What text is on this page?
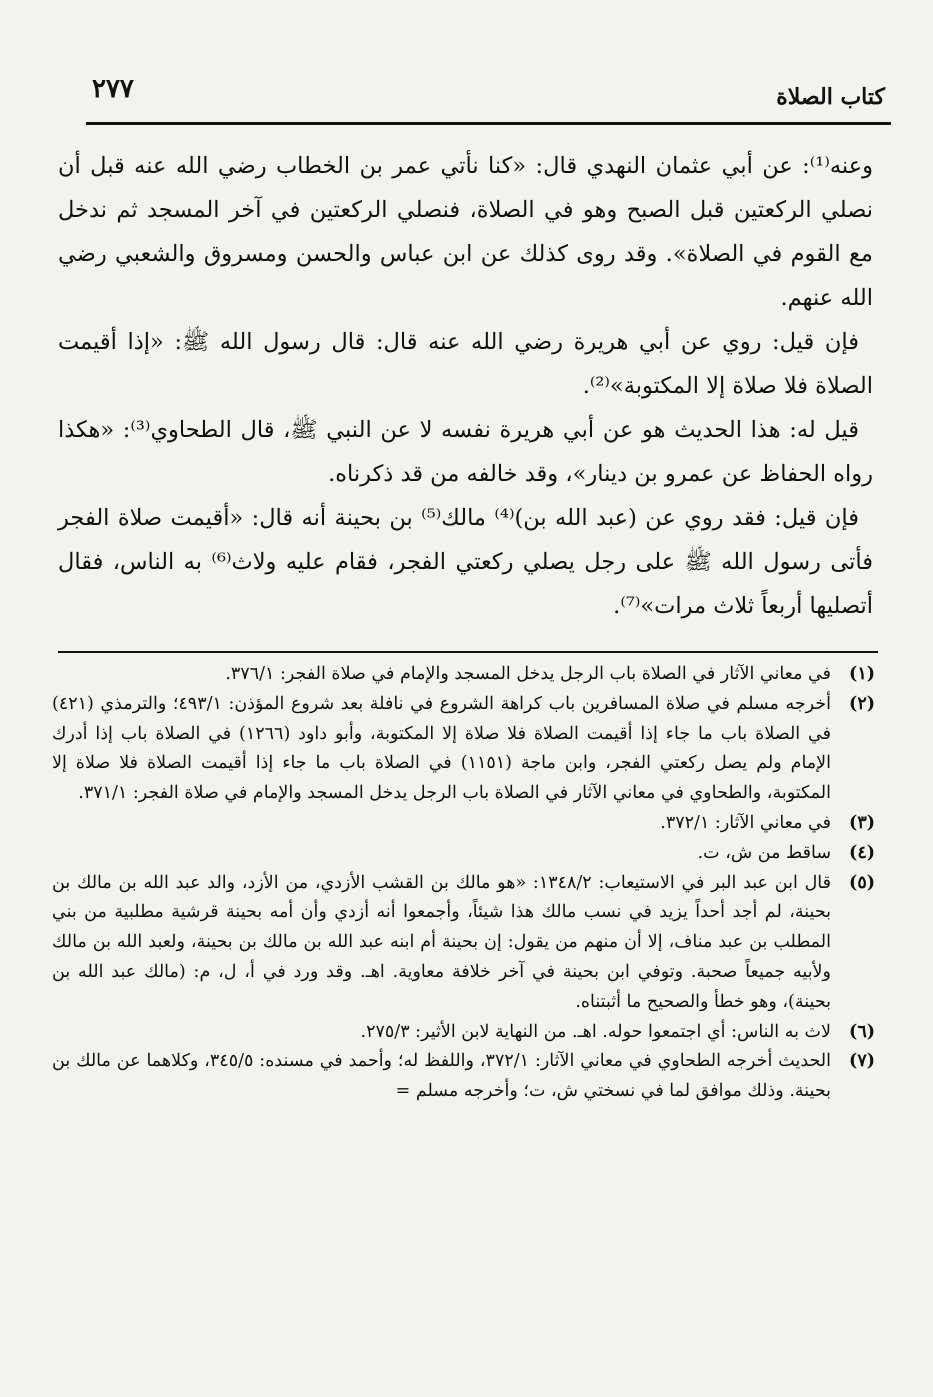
كتاب الصلاة
٢٧٧

وعنه⁽¹⁾: عن أبي عثمان النهدي قال: «كنا نأتي عمر بن الخطاب رضي الله عنه قبل أن نصلي الركعتين قبل الصبح وهو في الصلاة، فنصلي الركعتين في آخر المسجد ثم ندخل مع القوم في الصلاة». وقد روى كذلك عن ابن عباس والحسن ومسروق والشعبي رضي الله عنهم.

فإن قيل: روي عن أبي هريرة رضي الله عنه قال: قال رسول الله ﷺ: «إذا أقيمت الصلاة فلا صلاة إلا المكتوبة»⁽²⁾.

قيل له: هذا الحديث هو عن أبي هريرة نفسه لا عن النبي ﷺ، قال الطحاوي⁽³⁾: «هكذا رواه الحفاظ عن عمرو بن دينار»، وقد خالفه من قد ذكرناه.

فإن قيل: فقد روي عن (عبد الله بن)⁽⁴⁾ مالك⁽⁵⁾ بن بحينة أنه قال: «أقيمت صلاة الفجر فأتى رسول الله ﷺ على رجل يصلي ركعتي الفجر، فقام عليه ولاث⁽⁶⁾ به الناس، فقال أتصليها أربعاً ثلاث مرات»⁽⁷⁾.

(١)
في معاني الآثار في الصلاة باب الرجل يدخل المسجد والإمام في صلاة الفجر: ٣٧٦/١.
(٢)
أخرجه مسلم في صلاة المسافرين باب كراهة الشروع في نافلة بعد شروع المؤذن: ٤٩٣/١؛ والترمذي (٤٢١) في الصلاة باب ما جاء إذا أقيمت الصلاة فلا صلاة إلا المكتوبة، وأبو داود (١٢٦٦) في الصلاة باب إذا أدرك الإمام ولم يصل ركعتي الفجر، وابن ماجة (١١٥١) في الصلاة باب ما جاء إذا أقيمت الصلاة فلا صلاة إلا المكتوبة، والطحاوي في معاني الآثار في الصلاة باب الرجل يدخل المسجد والإمام في صلاة الفجر: ٣٧١/١.
(٣)
في معاني الآثار: ٣٧٢/١.
(٤)
ساقط من ش، ت.
(٥)
قال ابن عبد البر في الاستيعاب: ١٣٤٨/٢: «هو مالك بن القشب الأزدي، من الأزد، والد عبد الله بن مالك بن بحينة، لم أجد أحداً يزيد في نسب مالك هذا شيئاً، وأجمعوا أنه أزدي وأن أمه بحينة قرشية مطلبية من بني المطلب بن عبد مناف، إلا أن منهم من يقول: إن بحينة أم ابنه عبد الله بن مالك بن بحينة، ولعبد الله بن مالك ولأبيه جميعاً صحبة. وتوفي ابن بحينة في آخر خلافة معاوية. اهـ. وقد ورد في أ، ل، م: (مالك عبد الله بن بحينة)، وهو خطأ والصحيح ما أثبتناه.
(٦)
لاث به الناس: أي اجتمعوا حوله. اهـ. من النهاية لابن الأثير: ٢٧٥/٣.
(٧)
الحديث أخرجه الطحاوي في معاني الآثار: ٣٧٢/١، واللفظ له؛ وأحمد في مسنده: ٣٤٥/٥، وكلاهما عن مالك بن بحينة. وذلك موافق لما في نسختي ش، ت؛ وأخرجه مسلم =
